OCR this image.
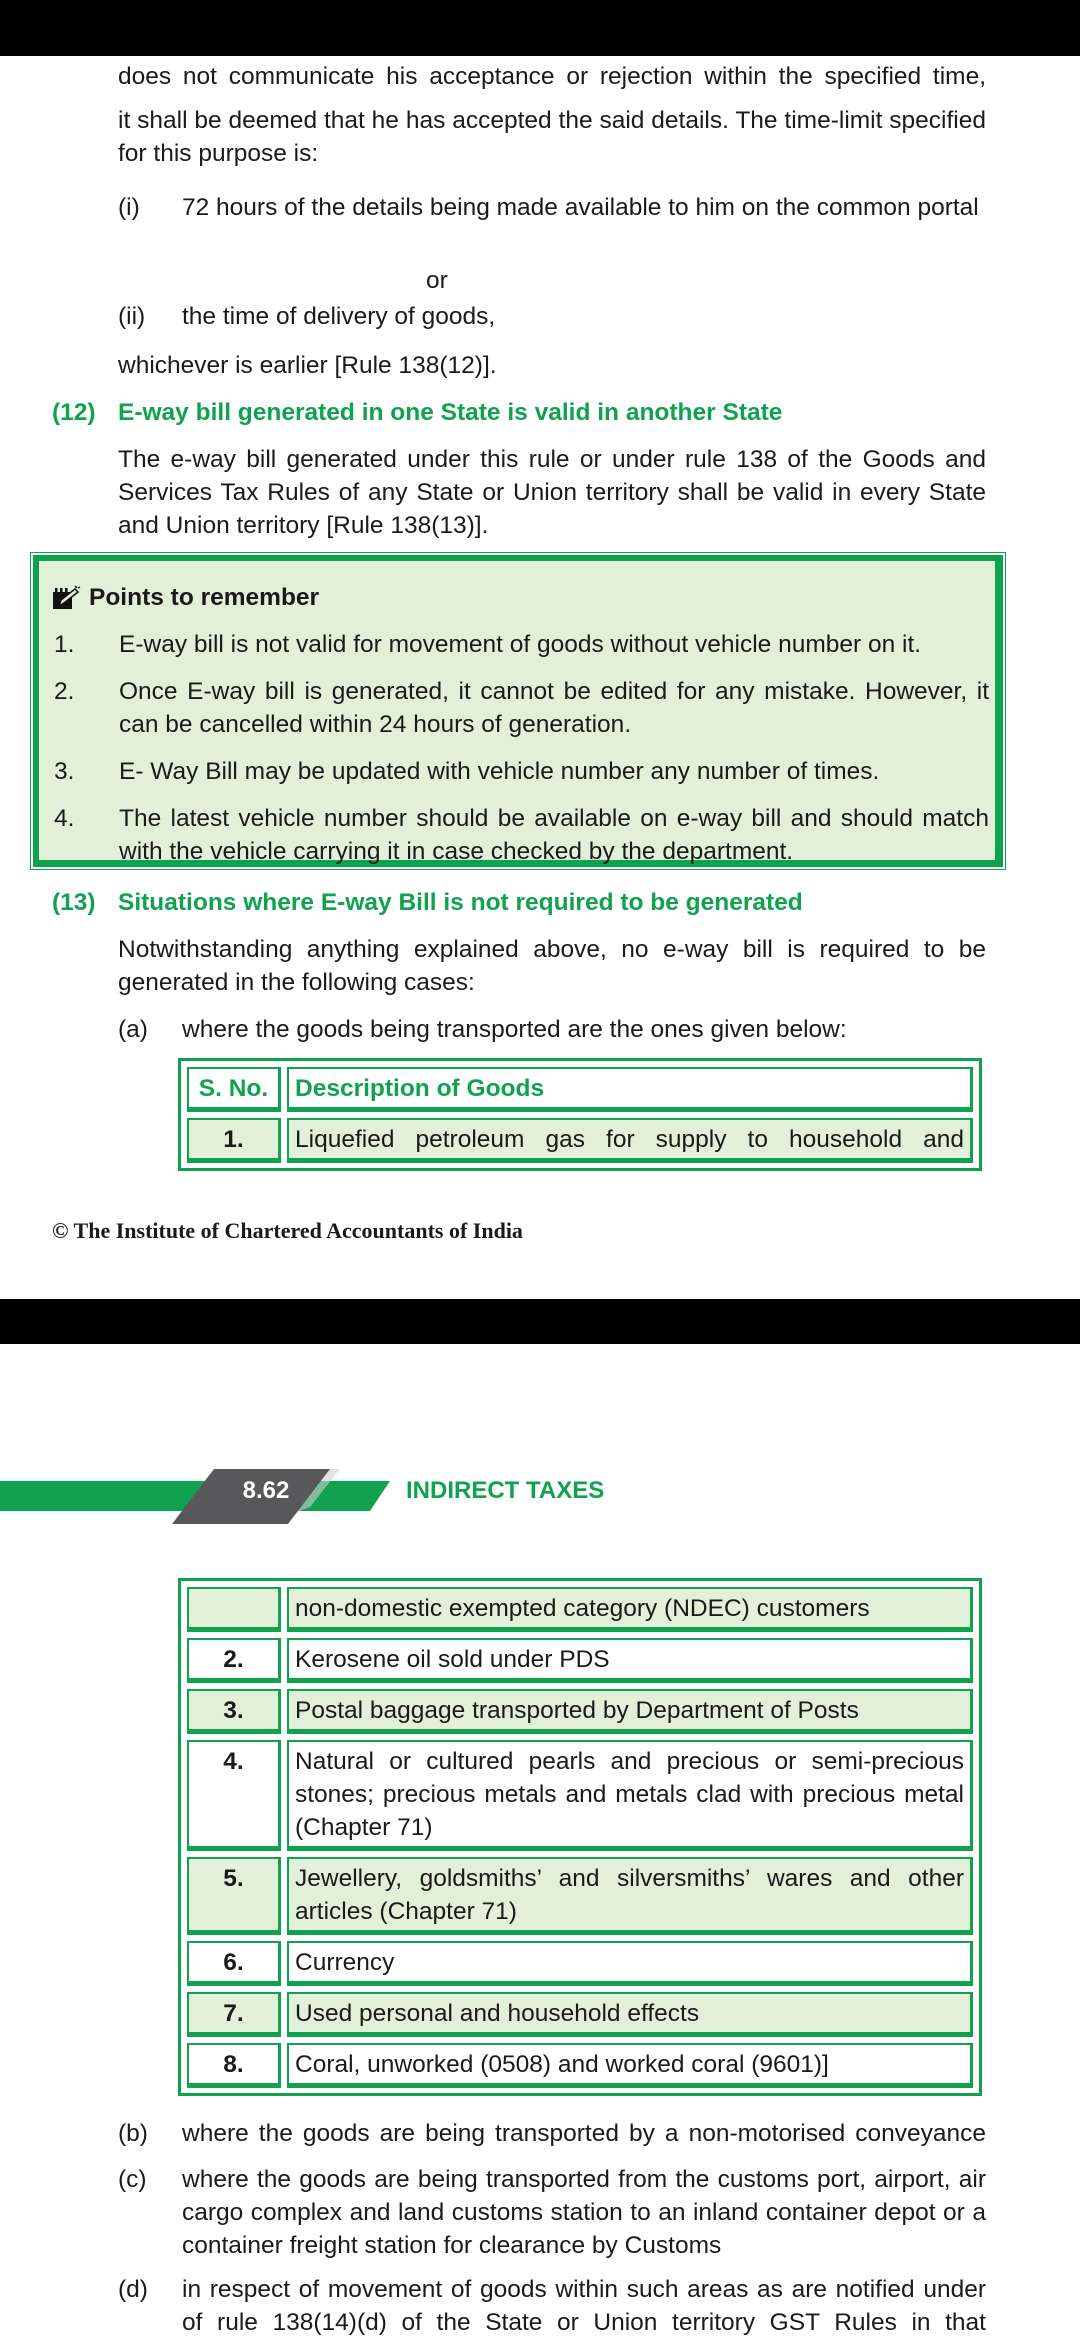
does not communicate his acceptance or rejection within the specified time,
it shall be deemed that he has accepted the said details. The time-limit specified for this purpose is:
(i) 72 hours of the details being made available to him on the common portal
or
(ii) the time of delivery of goods,
whichever is earlier [Rule 138(12)].
(12) E-way bill generated in one State is valid in another State
The e-way bill generated under this rule or under rule 138 of the Goods and Services Tax Rules of any State or Union territory shall be valid in every State and Union territory [Rule 138(13)].
Points to remember
1. E-way bill is not valid for movement of goods without vehicle number on it.
2. Once E-way bill is generated, it cannot be edited for any mistake. However, it can be cancelled within 24 hours of generation.
3. E- Way Bill may be updated with vehicle number any number of times.
4. The latest vehicle number should be available on e-way bill and should match with the vehicle carrying it in case checked by the department.
(13) Situations where E-way Bill is not required to be generated
Notwithstanding anything explained above, no e-way bill is required to be generated in the following cases:
(a) where the goods being transported are the ones given below:
S. No.	Description of Goods
1.	Liquefied petroleum gas for supply to household and
© The Institute of Chartered Accountants of India
8.62	INDIRECT TAXES
non-domestic exempted category (NDEC) customers
2.	Kerosene oil sold under PDS
3.	Postal baggage transported by Department of Posts
4.	Natural or cultured pearls and precious or semi-precious stones; precious metals and metals clad with precious metal (Chapter 71)
5.	Jewellery, goldsmiths’ and silversmiths’ wares and other articles (Chapter 71)
6.	Currency
7.	Used personal and household effects
8.	Coral, unworked (0508) and worked coral (9601)]
(b) where the goods are being transported by a non-motorised conveyance
(c) where the goods are being transported from the customs port, airport, air cargo complex and land customs station to an inland container depot or a container freight station for clearance by Customs
(d) in respect of movement of goods within such areas as are notified under of rule 138(14)(d) of the State or Union territory GST Rules in that
